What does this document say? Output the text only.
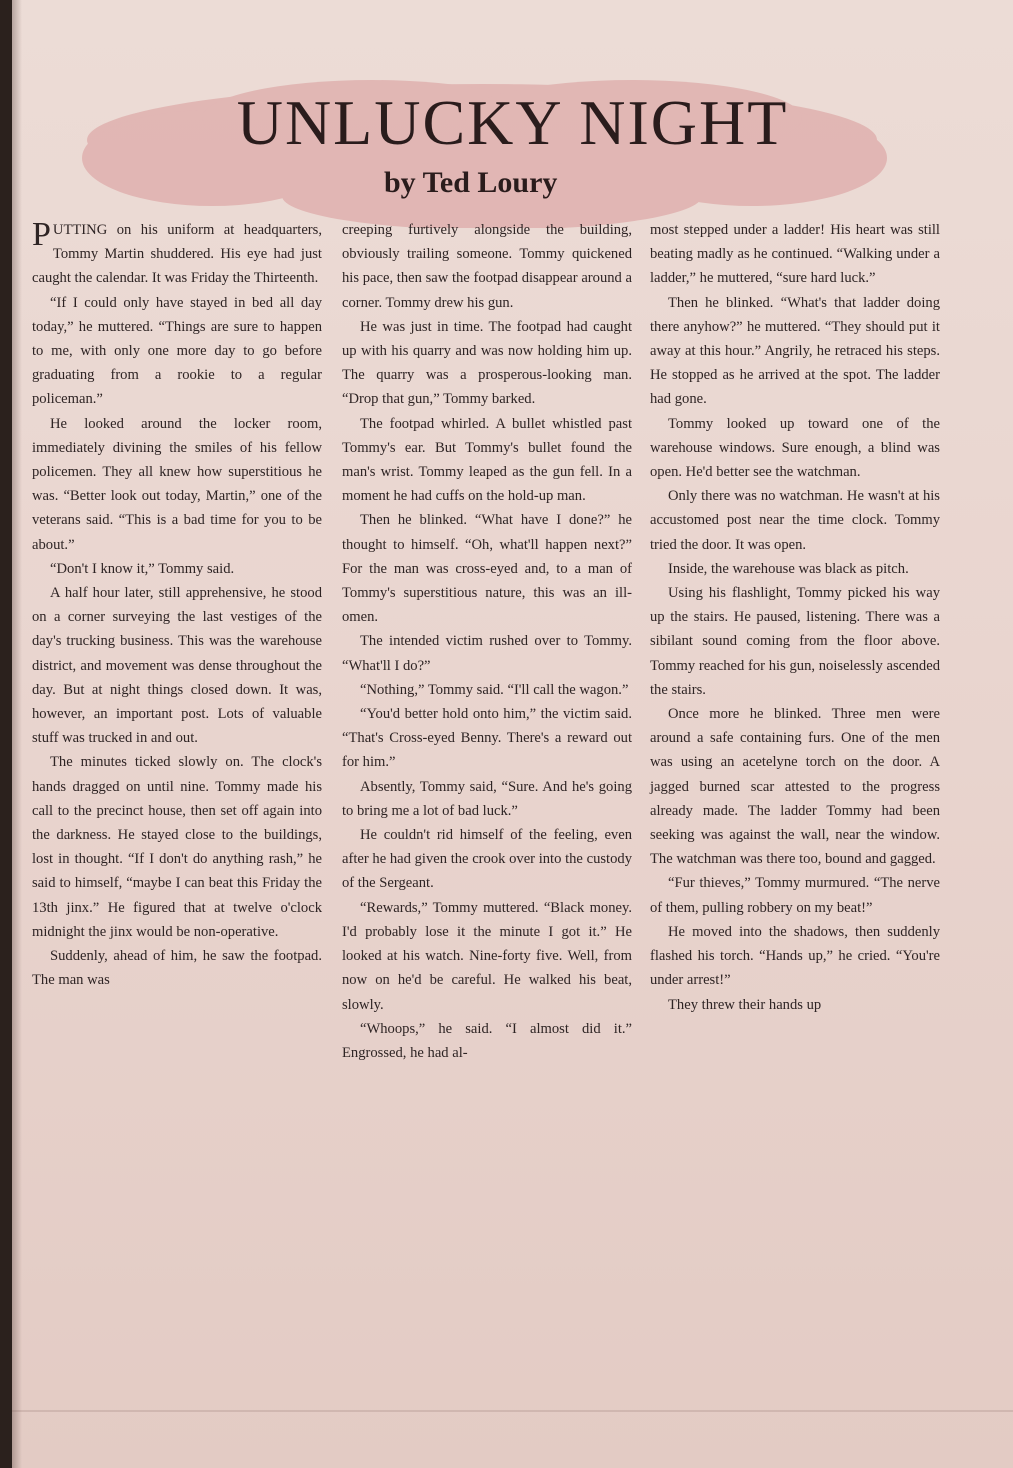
UNLUCKY NIGHT
by Ted Loury

PUTTING on his uniform at headquarters, Tommy Martin shuddered. His eye had just caught the calendar. It was Friday the Thirteenth.

“If I could only have stayed in bed all day today,” he muttered. “Things are sure to happen to me, with only one more day to go before graduating from a rookie to a regular policeman.”

He looked around the locker room, immediately divining the smiles of his fellow policemen. They all knew how superstitious he was. “Better look out today, Martin,” one of the veterans said. “This is a bad time for you to be about.”

“Don't I know it,” Tommy said.

A half hour later, still apprehensive, he stood on a corner surveying the last vestiges of the day's trucking business. This was the warehouse district, and movement was dense throughout the day. But at night things closed down. It was, however, an important post. Lots of valuable stuff was trucked in and out.

The minutes ticked slowly on. The clock's hands dragged on until nine. Tommy made his call to the precinct house, then set off again into the darkness. He stayed close to the buildings, lost in thought. “If I don't do anything rash,” he said to himself, “maybe I can beat this Friday the 13th jinx.” He figured that at twelve o'clock midnight the jinx would be non-operative.

Suddenly, ahead of him, he saw the footpad. The man was

creeping furtively alongside the building, obviously trailing someone. Tommy quickened his pace, then saw the footpad disappear around a corner. Tommy drew his gun.

He was just in time. The footpad had caught up with his quarry and was now holding him up. The quarry was a prosperous-looking man. “Drop that gun,” Tommy barked.

The footpad whirled. A bullet whistled past Tommy's ear. But Tommy's bullet found the man's wrist. Tommy leaped as the gun fell. In a moment he had cuffs on the hold-up man.

Then he blinked. “What have I done?” he thought to himself. “Oh, what'll happen next?” For the man was cross-eyed and, to a man of Tommy's superstitious nature, this was an ill-omen.

The intended victim rushed over to Tommy. “What'll I do?”

“Nothing,” Tommy said. “I'll call the wagon.”

“You'd better hold onto him,” the victim said. “That's Cross-eyed Benny. There's a reward out for him.”

Absently, Tommy said, “Sure. And he's going to bring me a lot of bad luck.”

He couldn't rid himself of the feeling, even after he had given the crook over into the custody of the Sergeant.

“Rewards,” Tommy muttered. “Black money. I'd probably lose it the minute I got it.” He looked at his watch. Nine-forty five. Well, from now on he'd be careful. He walked his beat, slowly.

“Whoops,” he said. “I almost did it.” Engrossed, he had al-

most stepped under a ladder! His heart was still beating madly as he continued. “Walking under a ladder,” he muttered, “sure hard luck.”

Then he blinked. “What's that ladder doing there anyhow?” he muttered. “They should put it away at this hour.” Angrily, he retraced his steps. He stopped as he arrived at the spot. The ladder had gone.

Tommy looked up toward one of the warehouse windows. Sure enough, a blind was open. He'd better see the watchman.

Only there was no watchman. He wasn't at his accustomed post near the time clock. Tommy tried the door. It was open.

Inside, the warehouse was black as pitch.

Using his flashlight, Tommy picked his way up the stairs. He paused, listening. There was a sibilant sound coming from the floor above. Tommy reached for his gun, noiselessly ascended the stairs.

Once more he blinked. Three men were around a safe containing furs. One of the men was using an acetelyne torch on the door. A jagged burned scar attested to the progress already made. The ladder Tommy had been seeking was against the wall, near the window. The watchman was there too, bound and gagged.

“Fur thieves,” Tommy murmured. “The nerve of them, pulling robbery on my beat!”

He moved into the shadows, then suddenly flashed his torch. “Hands up,” he cried. “You're under arrest!”

They threw their hands up
